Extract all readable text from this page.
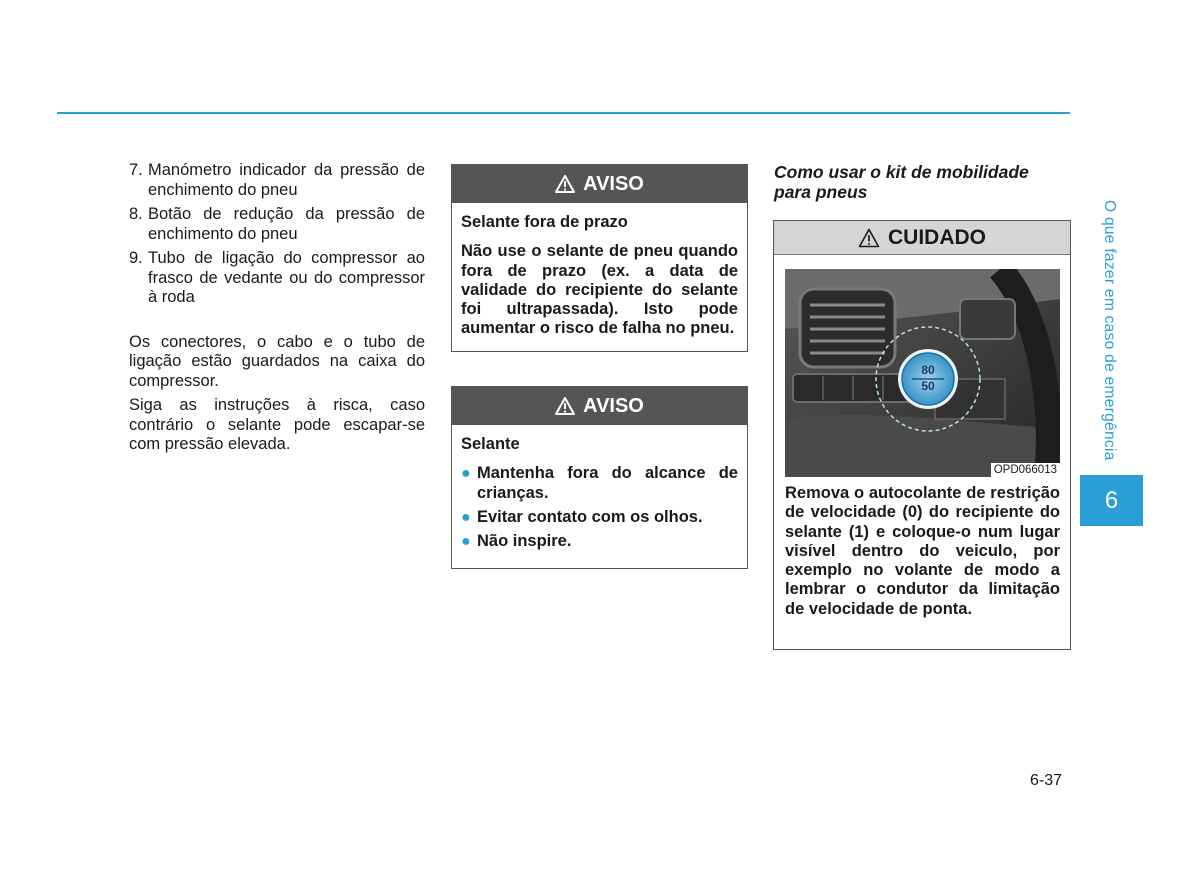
7. Manómetro indicador da pressão de enchimento do pneu
8. Botão de redução da pressão de enchimento do pneu
9. Tubo de ligação do compressor ao frasco de vedante ou do compressor à roda

Os conectores, o cabo e o tubo de ligação estão guardados na caixa do compressor.

Siga as instruções à risca, caso contrário o selante pode escapar-se com pressão elevada.

AVISO

Selante fora de prazo

Não use o selante de pneu quando fora de prazo (ex. a data de validade do recipiente do selante foi ultrapassada). Isto pode aumentar o risco de falha no pneu.

AVISO

Selante

● Mantenha fora do alcance de crianças.
● Evitar contato com os olhos.
● Não inspire.
Como usar o kit de mobilidade para pneus
CUIDADO
80
50
OPD066013
Remova o autocolante de restrição de velocidade (0) do recipiente do selante (1) e coloque-o num lugar visível dentro do veiculo, por exemplo no volante de modo a lembrar o condutor da limitação de velocidade de ponta.
O que fazer em caso de emergência
6
6-37
